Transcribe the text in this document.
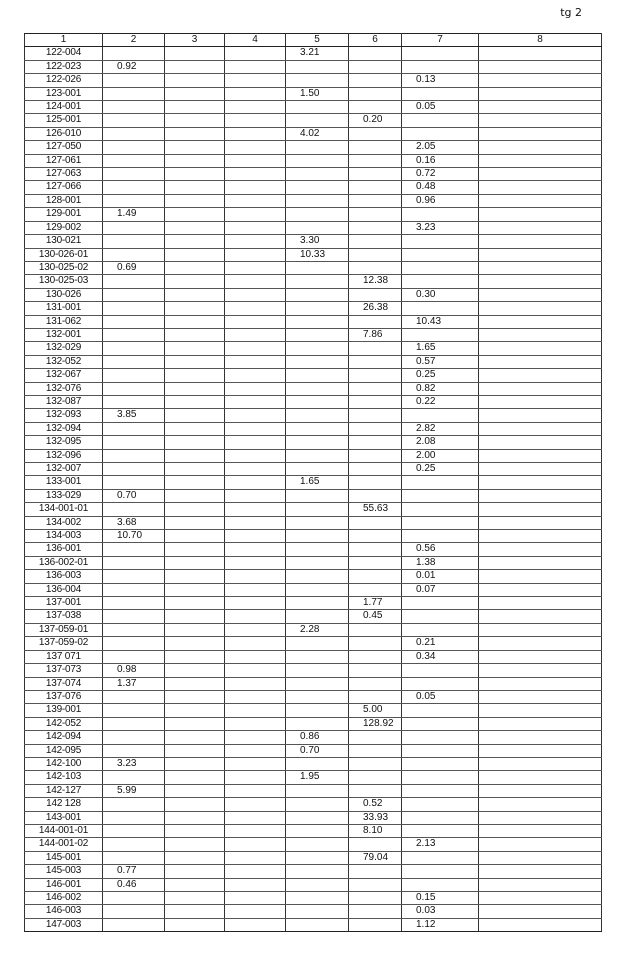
tg 2
1	2	3	4	5	6	7	8
122-004				3.21			
122-023	0.92						
122-026						0.13	
123-001				1.50			
124-001						0.05	
125-001					0.20		
126-010				4.02			
127-050						2.05	
127-061						0.16	
127-063						0.72	
127-066						0.48	
128-001						0.96	
129-001	1.49						
129-002						3.23	
130-021				3.30			
130-026-01				10.33			
130-025-02	0.69						
130-025-03					12.38		
130-026						0.30	
131-001					26.38		
131-062						10.43	
132-001					7.86		
132-029						1.65	
132-052						0.57	
132-067						0.25	
132-076						0.82	
132-087						0.22	
132-093	3.85						
132-094						2.82	
132-095						2.08	
132-096						2.00	
132-007						0.25	
133-001				1.65			
133-029	0.70						
134-001-01					55.63		
134-002	3.68						
134-003	10.70						
136-001						0.56	
136-002-01						1.38	
136-003						0.01	
136-004						0.07	
137-001					1.77		
137-038					0.45		
137-059-01				2.28			
137-059-02						0.21	
137 071						0.34	
137-073	0.98						
137-074	1.37						
137-076						0.05	
139-001					5.00		
142-052					128.92		
142-094				0.86			
142-095				0.70			
142-100	3.23						
142-103				1.95			
142-127	5.99						
142 128					0.52		
143-001					33.93		
144-001-01					8.10		
144-001-02						2.13	
145-001					79.04		
145-003	0.77						
146-001	0.46						
146-002						0.15	
146-003						0.03	
147-003						1.12	
